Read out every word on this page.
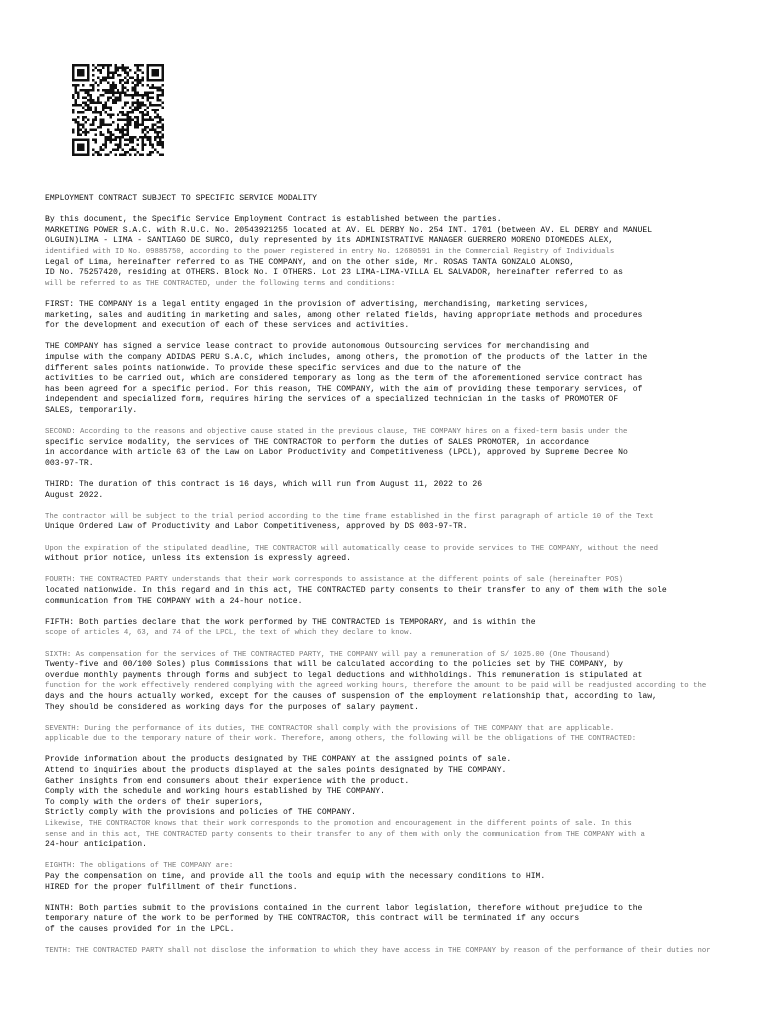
EMPLOYMENT CONTRACT SUBJECT TO SPECIFIC SERVICE MODALITY
By this document, the Specific Service Employment Contract is established between the parties.
MARKETING POWER S.A.C. with R.U.C. No. 20543921255 located at AV. EL DERBY No. 254 INT. 1701 (between AV. EL DERBY and MANUEL
OLGUIN)LIMA - LIMA - SANTIAGO DE SURCO, duly represented by its ADMINISTRATIVE MANAGER GUERRERO MORENO DIOMEDES ALEX,
identified with ID No. 09885750, according to the power registered in entry No. 12680591 in the Commercial Registry of Individuals
Legal of Lima, hereinafter referred to as THE COMPANY, and on the other side, Mr. ROSAS TANTA GONZALO ALONSO,
ID No. 75257420, residing at OTHERS. Block No. I OTHERS. Lot 23 LIMA-LIMA-VILLA EL SALVADOR, hereinafter referred to as
will be referred to as THE CONTRACTED, under the following terms and conditions:
FIRST: THE COMPANY is a legal entity engaged in the provision of advertising, merchandising, marketing services,
marketing, sales and auditing in marketing and sales, among other related fields, having appropriate methods and procedures
for the development and execution of each of these services and activities.
THE COMPANY has signed a service lease contract to provide autonomous Outsourcing services for merchandising and
impulse with the company ADIDAS PERU S.A.C, which includes, among others, the promotion of the products of the latter in the
different sales points nationwide. To provide these specific services and due to the nature of the
activities to be carried out, which are considered temporary as long as the term of the aforementioned service contract has
has been agreed for a specific period. For this reason, THE COMPANY, with the aim of providing these temporary services, of
independent and specialized form, requires hiring the services of a specialized technician in the tasks of PROMOTER OF
SALES, temporarily.
SECOND: According to the reasons and objective cause stated in the previous clause, THE COMPANY hires on a fixed-term basis under the
specific service modality, the services of THE CONTRACTOR to perform the duties of SALES PROMOTER, in accordance
in accordance with article 63 of the Law on Labor Productivity and Competitiveness (LPCL), approved by Supreme Decree No
003-97-TR.
THIRD: The duration of this contract is 16 days, which will run from August 11, 2022 to 26
August 2022.
The contractor will be subject to the trial period according to the time frame established in the first paragraph of article 10 of the Text
Unique Ordered Law of Productivity and Labor Competitiveness, approved by DS 003-97-TR.
Upon the expiration of the stipulated deadline, THE CONTRACTOR will automatically cease to provide services to THE COMPANY, without the need
without prior notice, unless its extension is expressly agreed.
FOURTH: THE CONTRACTED PARTY understands that their work corresponds to assistance at the different points of sale (hereinafter POS)
located nationwide. In this regard and in this act, THE CONTRACTED party consents to their transfer to any of them with the sole
communication from THE COMPANY with a 24-hour notice.
FIFTH: Both parties declare that the work performed by THE CONTRACTED is TEMPORARY, and is within the
scope of articles 4, 63, and 74 of the LPCL, the text of which they declare to know.
SIXTH: As compensation for the services of THE CONTRACTED PARTY, THE COMPANY will pay a remuneration of S/ 1025.00 (One Thousand)
Twenty-five and 00/100 Soles) plus Commissions that will be calculated according to the policies set by THE COMPANY, by
overdue monthly payments through forms and subject to legal deductions and withholdings. This remuneration is stipulated at
function for the work effectively rendered complying with the agreed working hours, therefore the amount to be paid will be readjusted according to the
days and the hours actually worked, except for the causes of suspension of the employment relationship that, according to law,
They should be considered as working days for the purposes of salary payment.
SEVENTH: During the performance of its duties, THE CONTRACTOR shall comply with the provisions of THE COMPANY that are applicable.
applicable due to the temporary nature of their work. Therefore, among others, the following will be the obligations of THE CONTRACTED:
Provide information about the products designated by THE COMPANY at the assigned points of sale.
Attend to inquiries about the products displayed at the sales points designated by THE COMPANY.
Gather insights from end consumers about their experience with the product.
Comply with the schedule and working hours established by THE COMPANY.
To comply with the orders of their superiors,
Strictly comply with the provisions and policies of THE COMPANY.
Likewise, THE CONTRACTOR knows that their work corresponds to the promotion and encouragement in the different points of sale. In this
sense and in this act, THE CONTRACTED party consents to their transfer to any of them with only the communication from THE COMPANY with a
24-hour anticipation.
EIGHTH: The obligations of THE COMPANY are:
Pay the compensation on time, and provide all the tools and equip with the necessary conditions to HIM.
HIRED for the proper fulfillment of their functions.
NINTH: Both parties submit to the provisions contained in the current labor legislation, therefore without prejudice to the
temporary nature of the work to be performed by THE CONTRACTOR, this contract will be terminated if any occurs
of the causes provided for in the LPCL.
TENTH: THE CONTRACTED PARTY shall not disclose the information to which they have access in THE COMPANY by reason of the performance of their duties nor
